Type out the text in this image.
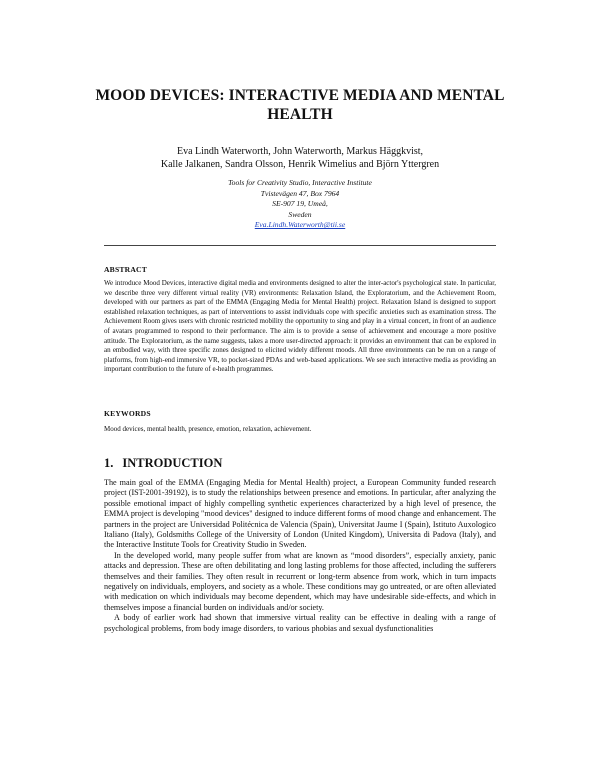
MOOD DEVICES: INTERACTIVE MEDIA AND MENTAL
HEALTH
Eva Lindh Waterworth, John Waterworth, Markus Häggkvist,
Kalle Jalkanen, Sandra Olsson, Henrik Wimelius and Björn Yttergren
Tools for Creativity Studio, Interactive Institute
Tvistevägen 47, Box 7964
SE-907 19, Umeå,
Sweden
Eva.Lindh.Waterworth@tii.se
ABSTRACT

We introduce Mood Devices, interactive digital media and environments designed to alter the inter-actor's psychological state. In particular, we describe three very different virtual reality (VR) environments: Relaxation Island, the Exploratorium, and the Achievement Room, developed with our partners as part of the EMMA (Engaging Media for Mental Health) project. Relaxation Island is designed to support established relaxation techniques, as part of interventions to assist individuals cope with specific anxieties such as examination stress. The Achievement Room gives users with chronic restricted mobility the opportunity to sing and play in a virtual concert, in front of an audience of avatars programmed to respond to their performance. The aim is to provide a sense of achievement and encourage a more positive attitude. The Exploratorium, as the name suggests, takes a more user-directed approach: it provides an environment that can be explored in an embodied way, with three specific zones designed to elicited widely different moods. All three environments can be run on a range of platforms, from high-end immersive VR, to pocket-sized PDAs and web-based applications. We see such interactive media as providing an important contribution to the future of e-health programmes.

KEYWORDS

Mood devices, mental health, presence, emotion, relaxation, achievement.

1. INTRODUCTION

The main goal of the EMMA (Engaging Media for Mental Health) project, a European Community funded research project (IST-2001-39192), is to study the relationships between presence and emotions. In particular, after analyzing the possible emotional impact of highly compelling synthetic experiences characterized by a high level of presence, the EMMA project is developing "mood devices" designed to induce different forms of mood change and enhancement. The partners in the project are Universidad Politécnica de Valencia (Spain), Universitat Jaume I (Spain), Istituto Auxologico Italiano (Italy), Goldsmiths College of the University of London (United Kingdom), Universita di Padova (Italy), and the Interactive Institute Tools for Creativity Studio in Sweden.

In the developed world, many people suffer from what are known as “mood disorders”, especially anxiety, panic attacks and depression. These are often debilitating and long lasting problems for those affected, including the sufferers themselves and their families. They often result in recurrent or long-term absence from work, which in turn impacts negatively on individuals, employers, and society as a whole. These conditions may go untreated, or are often alleviated with medication on which individuals may become dependent, which may have undesirable side-effects, and which in themselves impose a financial burden on individuals and/or society.

A body of earlier work had shown that immersive virtual reality can be effective in dealing with a range of psychological problems, from body image disorders, to various phobias and sexual dysfunctionalities
